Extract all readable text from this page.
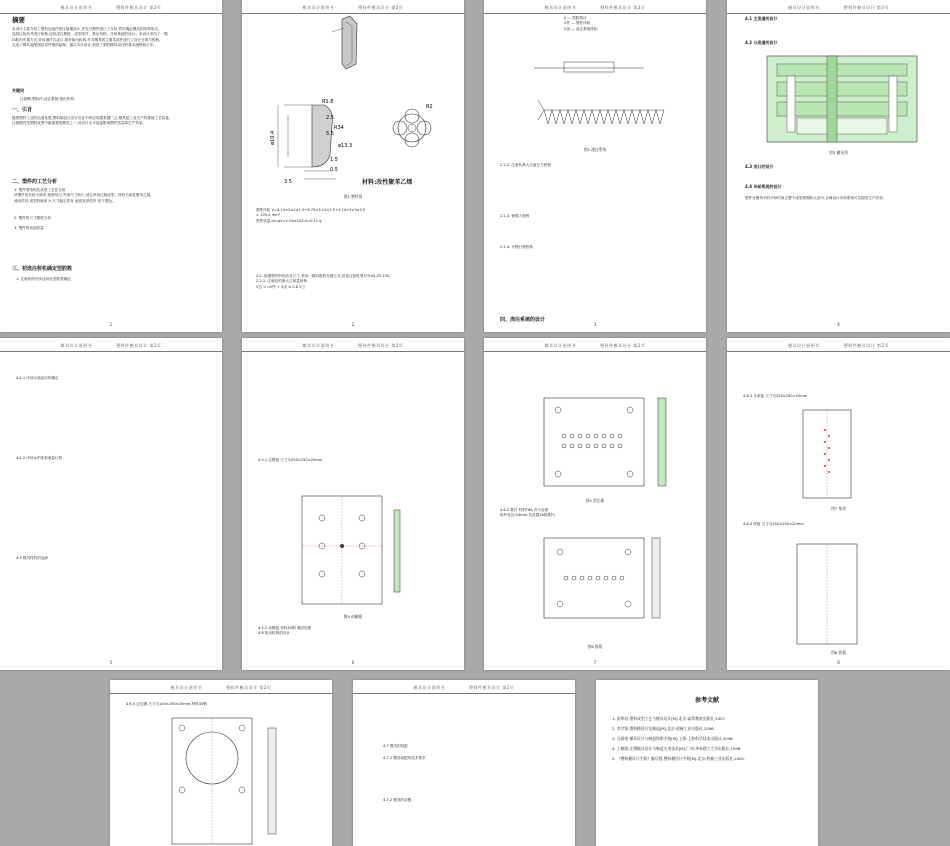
模具设计说明书	塑料件模具设计 第2页
摘要
本设计主要介绍了塑料连接件的注射模设计,首先对塑件进行了分析,然后确定模具的结构形式,
选择注射机并进行校核,包括浇注系统、成型零件、推出机构、冷却系统的设计。本设计采用了一模
四腔的布置方式,采用潜伏式浇口,推杆推出机构,并对模具的主要零部件进行了设计计算与校核,
完成了模具装配图及零件图的绘制。通过本次设计,熟悉了塑料模具设计的基本流程和方法。
关键词
注射模;塑料件;浇注系统;推出机构
一、引言
随着塑料工业的迅速发展,塑料制品在各行各业中的应用越来越广泛,模具是工业生产的基础工艺装备,
注射模具是塑料成型中最重要的模具之一,其设计水平直接影响塑件质量和生产效率。
二、塑件的工艺分析
1. 塑件的结构及成型工艺性分析
该塑件形状较为简单,壁厚均匀,外形尺寸较小,适合采用注射成型。材料为改性聚苯乙烯,
流动性好,成型收缩率小,尺寸稳定性好,表面光泽性好,易于着色。
2. 塑件的尺寸精度分析
3. 塑件的表面质量
三、初选注射机确定型腔数
1. 注射机的初步选择及型腔数确定
1
模具设计说明书	塑料件模具设计 第2页
R1.8
2.5
R34
5.5
ø10.4
ø13.3
1.5
0.5
3.5
R2
材料:改性聚苯乙烯
图1 塑件图
塑件体积 V=3.14×2×2×1.5+8.75×3.14×1.5+3.14×3×3×0.5
≈ 105.4 mm³
塑件质量 m=ρV=1.05×105.4=0.11 g
2.2. 根据塑件的形状及尺寸,采用一模四腔的布置方式,初选注射机型号为XS-ZY-125。
2.2.1. 注射机的最大注射量校核
V总 = nV件 + V浇 ≤ 0.8 V公
2
模具设计说明书	塑料件模具设计 第2页
n — 型腔数目
V件 — 塑件体积
V浇 — 浇注系统体积
图2 浇注系统
2.2.2. 注射机最大注射压力校核
2.2.3. 锁模力校核
2.2.4. 开模行程校核
四、浇注系统的设计
3
模具设计说明书	塑料件模具设计 第2页
4.1 主流道的设计
4.2 分流道的设计
图3 模具图
4.3 浇口的设计
4.4 冷却系统的设计
塑件在模具中的冷却时间占整个成型周期的大部分,合理设计冷却系统可以提高生产效率。
4
模具设计说明书	塑料件模具设计 第2页
4.4.1 冷却水道直径的确定
4.4.2 冷却水的体积流量计算
4.5 模具材料的选择
5
模具设计说明书	塑料件模具设计 第2页
4.5.1 定模板 尺寸为250×250×25mm
图4 动模板
4.5.2 动模板 材料45钢 调质处理
4.6 推出机构的设计
6
模具设计说明书	塑料件模具设计 第2页
图5 型芯板
4.6.2 推杆 材料T8A 淬火处理
推杆直径为4mm,共设置16根推杆。
图6 推板
7
模具设计说明书	塑料件模具设计 第2页
4.6.3 支承板 尺寸为250×250×25mm
图7 垫块
4.6.4 底板 尺寸为250×200×20mm
图8 底板
8
模具设计说明书	塑料件模具设计 第2页
4.6.5 定位圈 尺寸为100×250×20mm,材料45钢
模具设计说明书	塑料件模具设计 第2页
4.7 模具的装配
4.7.1 模具装配的技术要求
4.7.2 模具的试模
参考文献
1. 屈华昌.塑料成型工艺与模具设计[M].北京:高等教育出版社,2007.
2. 李学锋.塑料模设计及制造[M].北京:机械工业出版社,2006.
3. 冯炳尧.模具设计与制造简明手册[M].上海:上海科学技术出版社,2008.
4. 王树勋.注塑模具设计与制造实用技术[M].广州:华南理工大学出版社,1996.
5. 《塑料模设计手册》编写组.塑料模设计手册[M].北京:机械工业出版社,2002.
